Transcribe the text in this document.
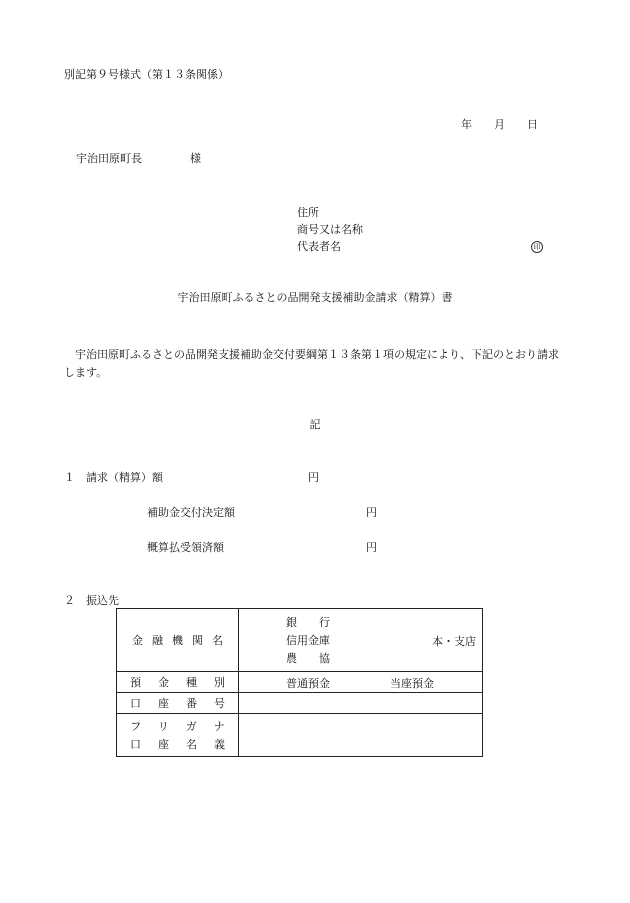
別記第９号様式（第１３条関係）
年 月 日
宇治田原町長	様
住所
商号又は名称
代表者名	印
宇治田原町ふるさとの品開発支援補助金請求（精算）書
　宇治田原町ふるさとの品開発支援補助金交付要綱第１３条第１項の規定により、下記のとおり請求します。
記
１　請求（精算）額	円
補助金交付決定額	円
概算払受領済額	円
２　振込先
金融機関名	銀　　行
信用金庫
農　　協
本・支店

預金種別	普通預金 当座預金

口座番号	

フリガナ
口座名義	
